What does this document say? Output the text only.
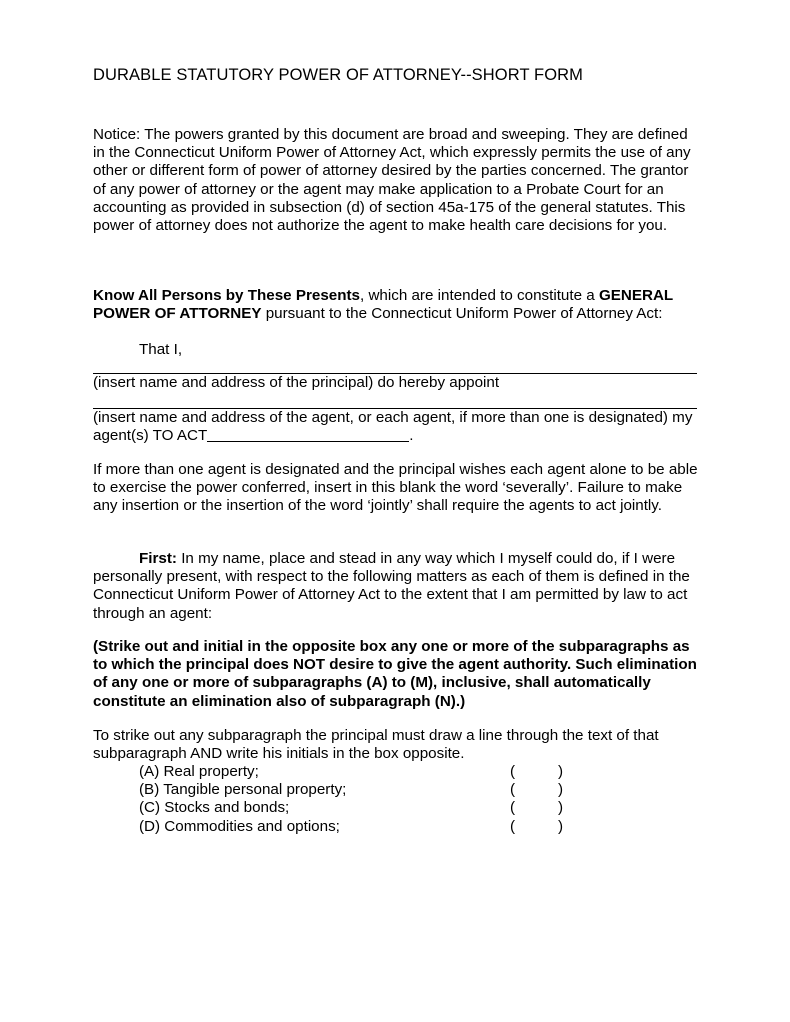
DURABLE STATUTORY POWER OF ATTORNEY--SHORT FORM
Notice: The powers granted by this document are broad and sweeping. They are defined in the Connecticut Uniform Power of Attorney Act, which expressly permits the use of any other or different form of power of attorney desired by the parties concerned. The grantor of any power of attorney or the agent may make application to a Probate Court for an accounting as provided in subsection (d) of section 45a-175 of the general statutes. This power of attorney does not authorize the agent to make health care decisions for you.
Know All Persons by These Presents, which are intended to constitute a GENERAL POWER OF ATTORNEY pursuant to the Connecticut Uniform Power of Attorney Act:
That I,
(insert name and address of the principal) do hereby appoint
(insert name and address of the agent, or each agent, if more than one is designated) my agent(s) TO ACT	.
If more than one agent is designated and the principal wishes each agent alone to be able to exercise the power conferred, insert in this blank the word ‘severally’. Failure to make any insertion or the insertion of the word ‘jointly’ shall require the agents to act jointly.
First: In my name, place and stead in any way which I myself could do, if I were personally present, with respect to the following matters as each of them is defined in the Connecticut Uniform Power of Attorney Act to the extent that I am permitted by law to act through an agent:
(Strike out and initial in the opposite box any one or more of the subparagraphs as to which the principal does NOT desire to give the agent authority. Such elimination of any one or more of subparagraphs (A) to (M), inclusive, shall automatically constitute an elimination also of subparagraph (N).)
To strike out any subparagraph the principal must draw a line through the text of that subparagraph AND write his initials in the box opposite.
(A) Real property;	(	)
(B) Tangible personal property;	(	)
(C) Stocks and bonds;	(	)
(D) Commodities and options;	(	)
